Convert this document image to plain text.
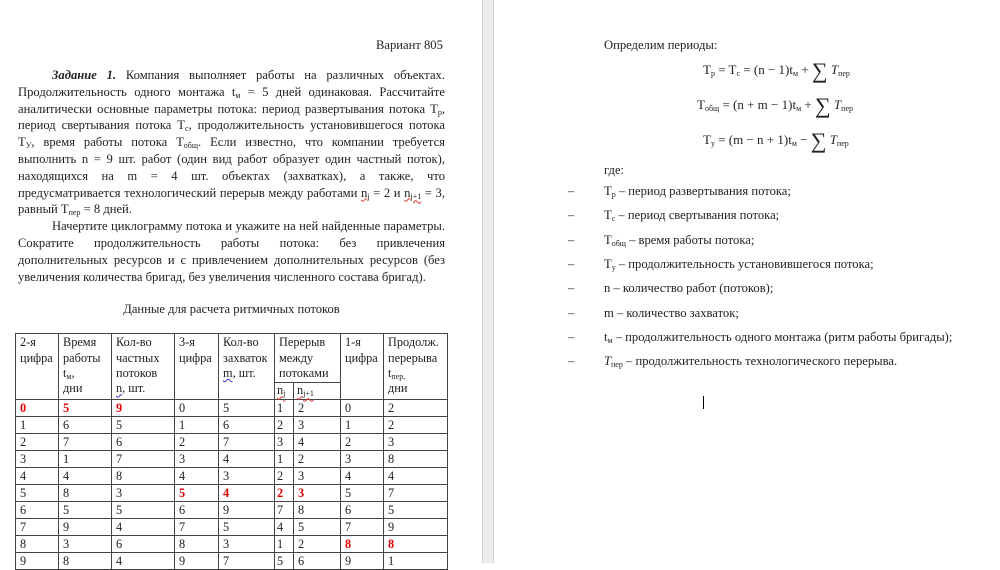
Вариант 805

Задание 1. Компания выполняет работы на различных объектах. Продолжительность одного монтажа $t_м = 5$ дней одинаковая. Рассчитайте аналитически основные параметры потока: период развертывания потока $T_p$, период свертывания потока $T_c$, продолжительность установившегося потока $T_У$, время работы потока $T_{общ}$. Если известно, что компании требуется выполнить n = 9 шт. работ (один вид работ образует один частный поток), находящихся на m = 4 шт. объектах (захватках), а также, что предусматривается технологический перерыв между работами $n_j = 2$ и $n_{j+1} = 3$, равный $T_{пер} = 8$ дней.

Начертите циклограмму потока и укажите на ней найденные параметры. Сократите продолжительность работы потока: без привлечения дополнительных ресурсов и с привлечением дополнительных ресурсов (без увеличения количества бригад, без увеличения численного состава бригад).

Данные для расчета ритмичных потоков
2-я цифра	Время работы
$t_м$,
дни	Кол-во частных потоков
n, шт.	3-я цифра	Кол-во захваток
m, шт.	Перерыв между потоками		1-я цифра	Продолж. перерыва
$t_{пер,}$
дни
					$n_j$	$n_{j+1}$
0	5	9	0	5	1	2	0	2
1	6	5	1	6	2	3	1	2
2	7	6	2	7	3	4	2	3
3	1	7	3	4	1	2	3	8
4	4	8	4	3	2	3	4	4
5	8	3	5	4	2	3	5	7
6	5	5	6	9	7	8	6	5
7	9	4	7	5	4	5	7	9
8	3	6	8	3	1	2	8	8
9	8	4	9	7	5	6	9	1
Определим периоды:
$T_p = T_c = (n - 1)t_м$ + ∑ $T_{пер}$
$T_{общ} = (n + m - 1)t_м$ + ∑ $T_{пер}$
$T_y = (m - n + 1)t_м$ − ∑ $T_{пер}$
где:
– $T_p$ – период развертывания потока;
– $T_c$ – период свертывания потока;
– $T_{общ}$ – время работы потока;
– $T_y$ – продолжительность установившегося потока;
– n – количество работ (потоков);
– m – количество захваток;
– $t_м$ – продолжительность одного монтажа (ритм работы бригады);
– $T_{пер}$ – продолжительность технологического перерыва.
